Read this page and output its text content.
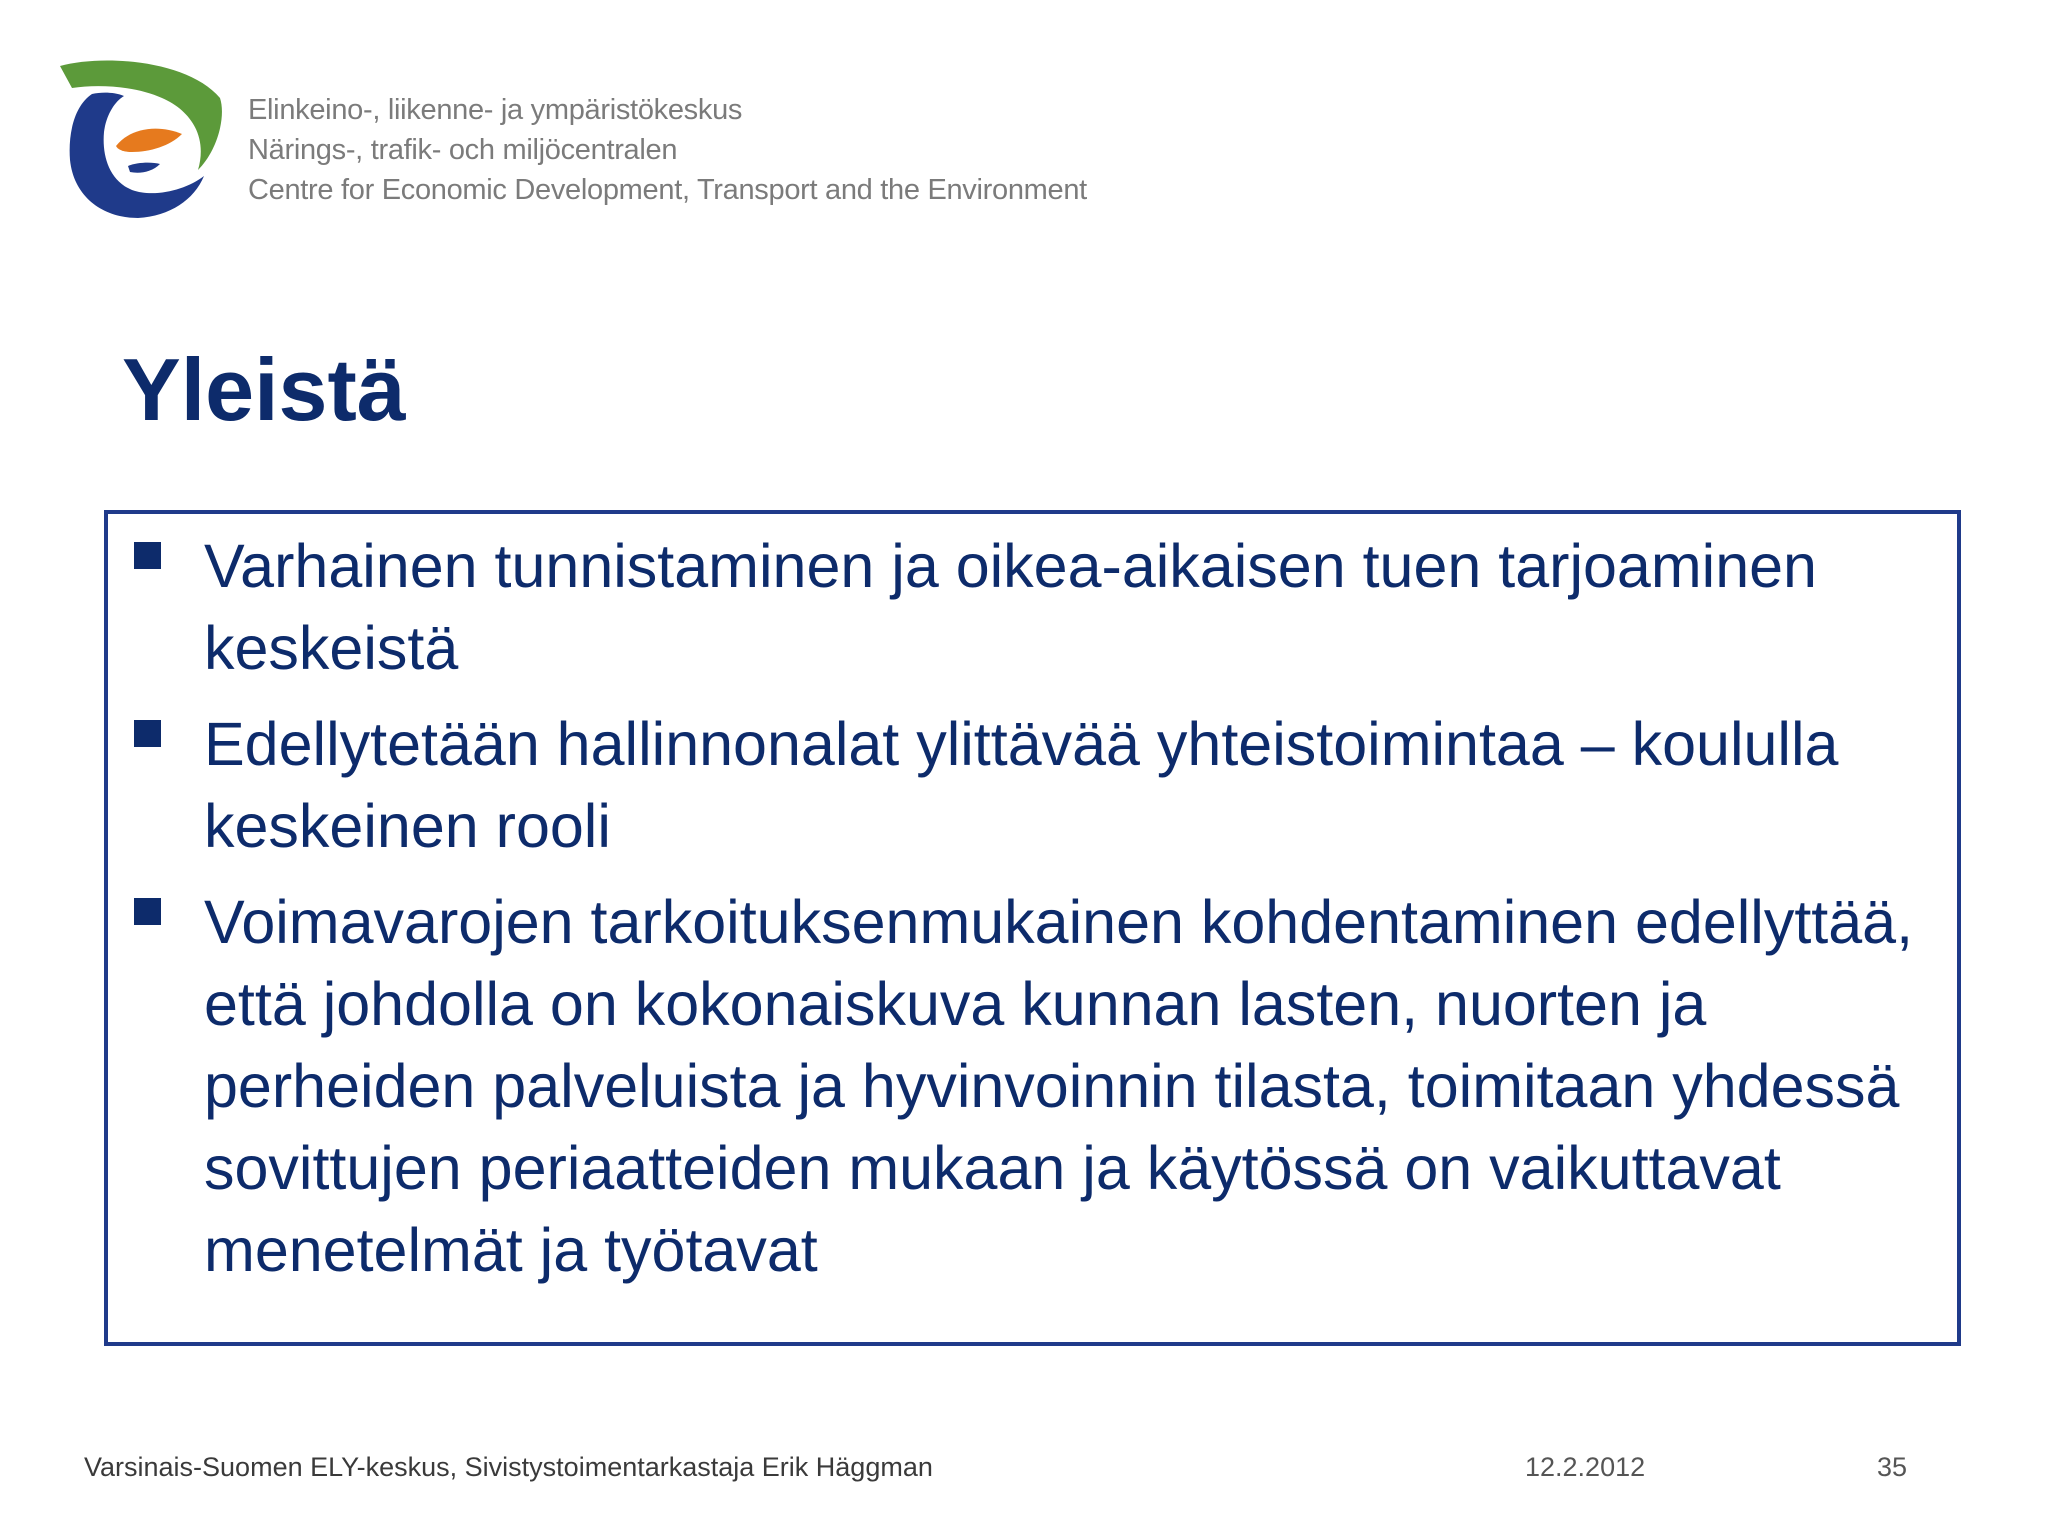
Elinkeino-, liikenne- ja ympäristökeskus
Närings-, trafik- och miljöcentralen
Centre for Economic Development, Transport and the Environment
Yleistä
Varhainen tunnistaminen ja oikea-aikaisen tuen tarjoaminen keskeistä
Edellytetään hallinnonalat ylittävää yhteistoimintaa – koululla keskeinen rooli
Voimavarojen tarkoituksenmukainen kohdentaminen edellyttää, että johdolla on kokonaiskuva kunnan lasten, nuorten ja perheiden palveluista ja hyvinvoinnin tilasta, toimitaan yhdessä sovittujen periaatteiden mukaan ja käytössä on vaikuttavat menetelmät ja työtavat
Varsinais-Suomen ELY-keskus, Sivistystoimentarkastaja Erik Häggman	12.2.2012	35
